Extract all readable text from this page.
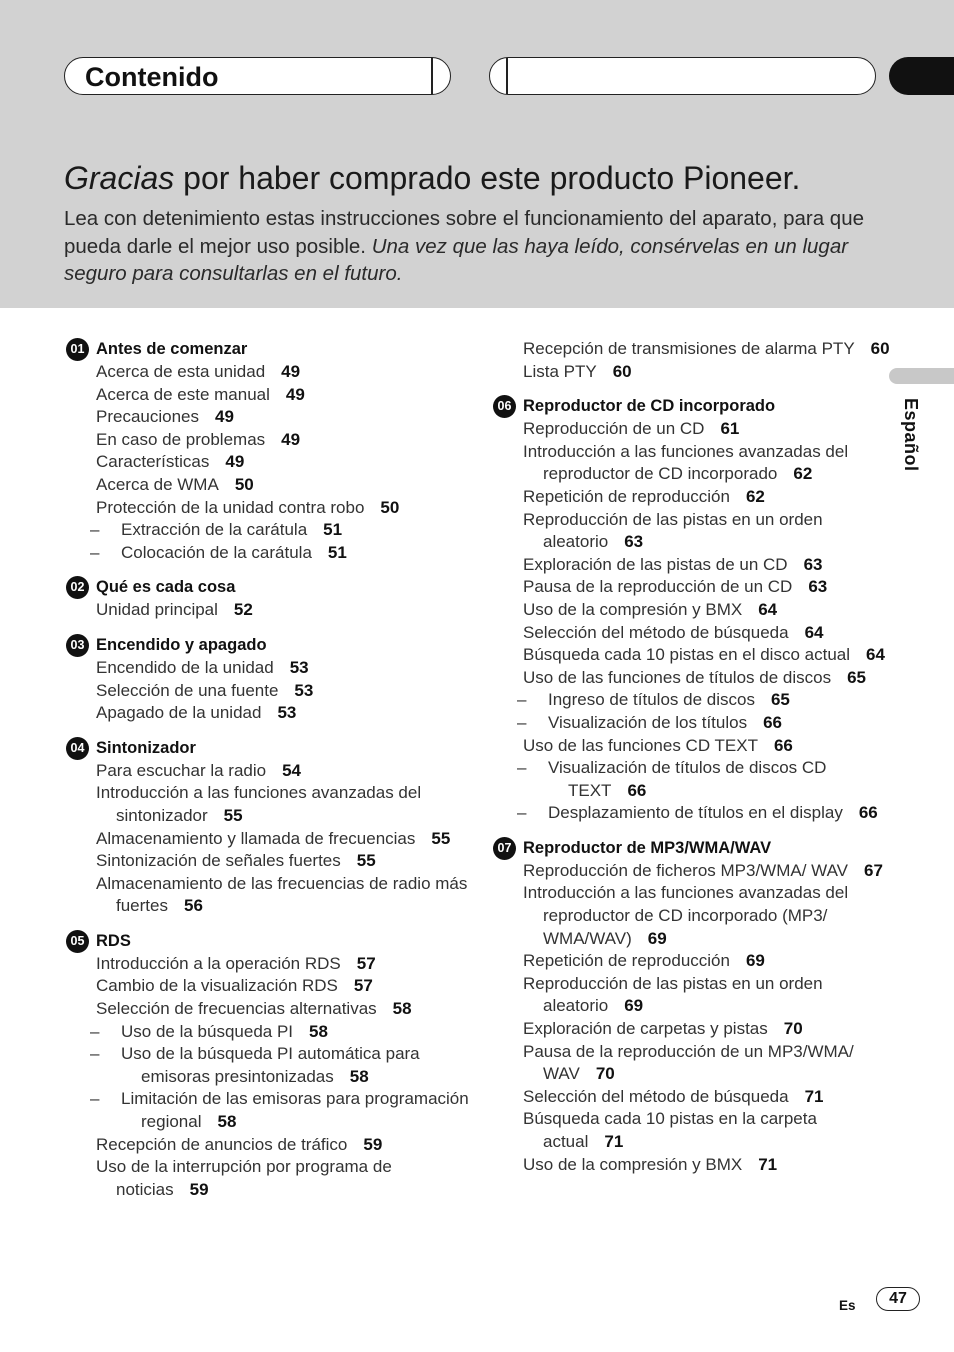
Contenido
Gracias por haber comprado este producto Pioneer.
Lea con detenimiento estas instrucciones sobre el funcionamiento del aparato, para que pueda darle el mejor uso posible. Una vez que las haya leído, consérvelas en un lugar seguro para consultarlas en el futuro.
01 Antes de comenzar
Acerca de esta unidad 49
Acerca de este manual 49
Precauciones 49
En caso de problemas 49
Características 49
Acerca de WMA 50
Protección de la unidad contra robo 50
– Extracción de la carátula 51
– Colocación de la carátula 51
02 Qué es cada cosa
Unidad principal 52
03 Encendido y apagado
Encendido de la unidad 53
Selección de una fuente 53
Apagado de la unidad 53
04 Sintonizador
Para escuchar la radio 54
Introducción a las funciones avanzadas del sintonizador 55
Almacenamiento y llamada de frecuencias 55
Sintonización de señales fuertes 55
Almacenamiento de las frecuencias de radio más fuertes 56
05 RDS
Introducción a la operación RDS 57
Cambio de la visualización RDS 57
Selección de frecuencias alternativas 58
– Uso de la búsqueda PI 58
– Uso de la búsqueda PI automática para emisoras presintonizadas 58
– Limitación de las emisoras para programación regional 58
Recepción de anuncios de tráfico 59
Uso de la interrupción por programa de noticias 59
Recepción de transmisiones de alarma PTY 60
Lista PTY 60
06 Reproductor de CD incorporado
Reproducción de un CD 61
Introducción a las funciones avanzadas del reproductor de CD incorporado 62
Repetición de reproducción 62
Reproducción de las pistas en un orden aleatorio 63
Exploración de las pistas de un CD 63
Pausa de la reproducción de un CD 63
Uso de la compresión y BMX 64
Selección del método de búsqueda 64
Búsqueda cada 10 pistas en el disco actual 64
Uso de las funciones de títulos de discos 65
– Ingreso de títulos de discos 65
– Visualización de los títulos 66
Uso de las funciones CD TEXT 66
– Visualización de títulos de discos CD TEXT 66
– Desplazamiento de títulos en el display 66
07 Reproductor de MP3/WMA/WAV
Reproducción de ficheros MP3/WMA/ WAV 67
Introducción a las funciones avanzadas del reproductor de CD incorporado (MP3/ WMA/WAV) 69
Repetición de reproducción 69
Reproducción de las pistas en un orden aleatorio 69
Exploración de carpetas y pistas 70
Pausa de la reproducción de un MP3/WMA/ WAV 70
Selección del método de búsqueda 71
Búsqueda cada 10 pistas en la carpeta actual 71
Uso de la compresión y BMX 71
Español
Es	47
